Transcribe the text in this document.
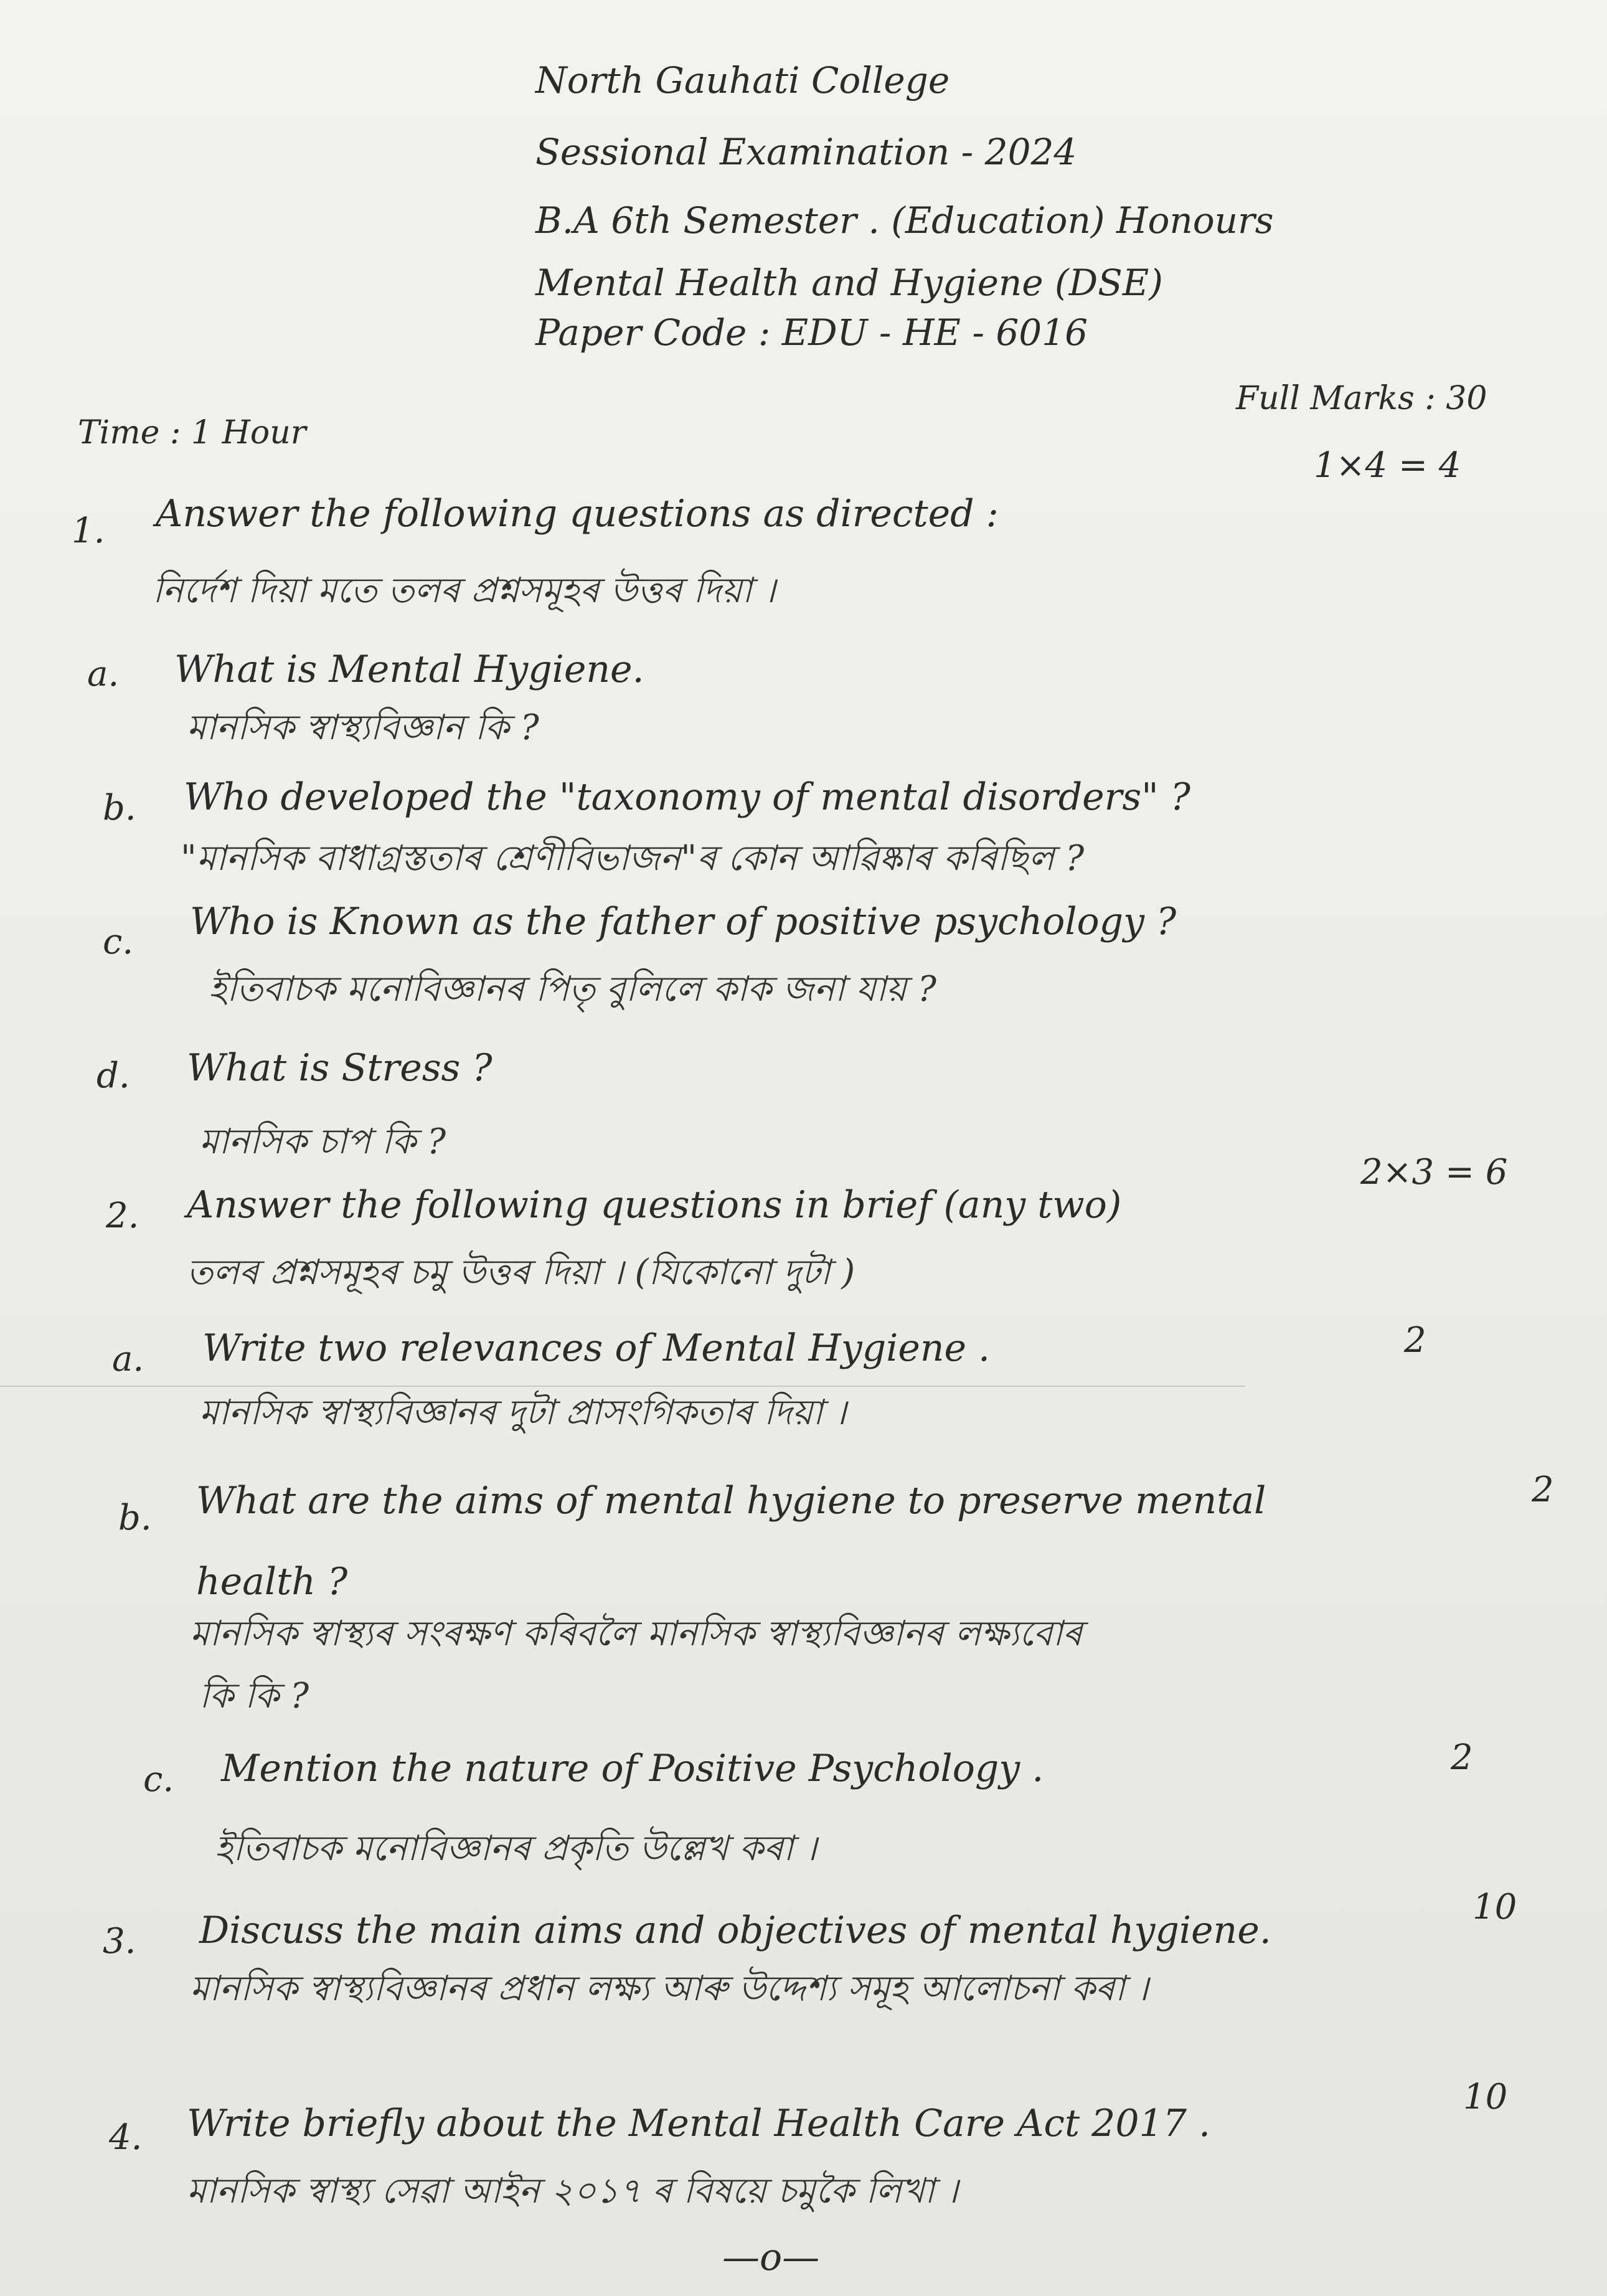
North Gauhati College
Sessional Examination - 2024
B.A 6th Semester . (Education) Honours
Mental Health and Hygiene (DSE)
Paper Code : EDU - HE - 6016
Time : 1 Hour
Full Marks : 30
1×4 = 4
1. Answer the following questions as directed :
নিৰ্দেশ দিয়া মতে তলৰ প্ৰশ্নসমূহৰ উত্তৰ দিয়া ।
a. What is Mental Hygiene.
মানসিক স্বাস্থ্যবিজ্ঞান কি ?
b. Who developed the "taxonomy of mental disorders" ?
"মানসিক বাধাগ্ৰস্ততাৰ শ্ৰেণীবিভাজন"ৰ কোন আৱিষ্কাৰ কৰিছিল ?
c. Who is Known as the father of positive psychology ?
ইতিবাচক মনোবিজ্ঞানৰ পিতৃ বুলিলে কাক জনা যায় ?
d. What is Stress ?
মানসিক চাপ কি ?
2. Answer the following questions in brief (any two)
2×3 = 6
তলৰ প্ৰশ্নসমূহৰ চমু উত্তৰ দিয়া । (যিকোনো দুটা )
a. Write two relevances of Mental Hygiene .	2
মানসিক স্বাস্থ্যবিজ্ঞানৰ দুটা প্ৰাসংগিকতাৰ দিয়া ।
b. What are the aims of mental hygiene to preserve mental	2
health ?
মানসিক স্বাস্থ্যৰ সংৰক্ষণ কৰিবলৈ মানসিক স্বাস্থ্যবিজ্ঞানৰ লক্ষ্যবোৰ
কি কি ?
c. Mention the nature of Positive Psychology .	2
ইতিবাচক মনোবিজ্ঞানৰ প্ৰকৃতি উল্লেখ কৰা ।
3. Discuss the main aims and objectives of mental hygiene.
10
মানসিক স্বাস্থ্যবিজ্ঞানৰ প্ৰধান লক্ষ্য আৰু উদ্দেশ্য সমূহ আলোচনা কৰা ।
4. Write briefly about the Mental Health Care Act 2017 .
10
মানসিক স্বাস্থ্য সেৱা আইন ২০১৭ ৰ বিষয়ে চমুকৈ লিখা ।
—o—
